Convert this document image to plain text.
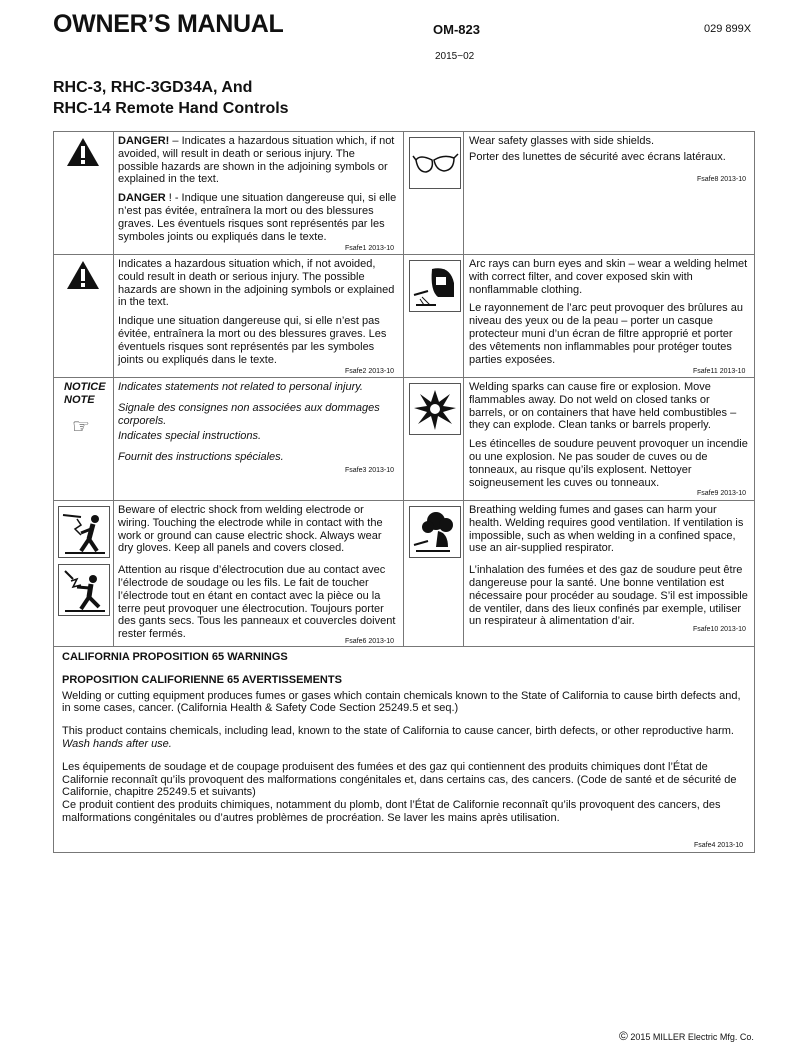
OWNER’S MANUAL	OM-823	029 899X
2015−02
RHC-3, RHC-3GD34A, And
RHC-14 Remote Hand Controls

DANGER! – Indicates a hazardous situation which, if not avoided, will result in death or serious injury. The possible hazards are shown in the adjoining symbols or explained in the text.

DANGER ! - Indique une situation dangereuse qui, si elle n’est pas évitée, entraînera la mort ou des blessures graves. Les éventuels risques sont représentés par les symboles joints ou expliqués dans le texte.

Fsafe1 2013-10

Indicates a hazardous situation which, if not avoided, could result in death or serious injury. The possible hazards are shown in the adjoining symbols or explained in the text.

Indique une situation dangereuse qui, si elle n’est pas évitée, entraînera la mort ou des blessures graves. Les éventuels risques sont représentés par les symboles joints ou expliqués dans le texte.

Fsafe2 2013-10
NOTICE
NOTE
☞

Indicates statements not related to personal injury.

Signale des consignes non associées aux dommages corporels.

Indicates special instructions.

Fournit des instructions spéciales.

Fsafe3 2013-10

Beware of electric shock from welding electrode or wiring. Touching the electrode while in contact with the work or ground can cause electric shock. Always wear dry gloves. Keep all panels and covers closed.

Attention au risque d’électrocution due au contact avec l’électrode de soudage ou les fils. Le fait de toucher l’électrode tout en étant en contact avec la pièce ou la terre peut provoquer une électrocution. Toujours porter des gants secs. Tous les panneaux et couvercles doivent rester fermés.

Fsafe6 2013-10

Wear safety glasses with side shields.

Porter des lunettes de sécurité avec écrans latéraux.

Fsafe8 2013-10

Arc rays can burn eyes and skin – wear a welding helmet with correct filter, and cover exposed skin with nonflammable clothing.

Le rayonnement de l’arc peut provoquer des brûlures au niveau des yeux ou de la peau – porter un casque protecteur muni d’un écran de filtre approprié et porter des vêtements non inflammables pour protéger toutes parties exposées.

Fsafe11 2013-10

Welding sparks can cause fire or explosion. Move flammables away. Do not weld on closed tanks or barrels, or on containers that have held combustibles – they can explode. Clean tanks or barrels properly.

Les étincelles de soudure peuvent provoquer un incendie ou une explosion. Ne pas souder de cuves ou de tonneaux, au risque qu’ils explosent. Nettoyer soigneusement les cuves ou tonneaux.

Fsafe9 2013-10

Breathing welding fumes and gases can harm your health. Welding requires good ventilation. If ventilation is impossible, such as when welding in a confined space, use an air-supplied respirator.

L’inhalation des fumées et des gaz de soudure peut être dangereuse pour la santé. Une bonne ventilation est nécessaire pour procéder au soudage. S’il est impossible de ventiler, dans des lieux confinés par exemple, utiliser un respirateur à alimentation d’air.

Fsafe10 2013-10

CALIFORNIA PROPOSITION 65 WARNINGS

PROPOSITION CALIFORIENNE 65 AVERTISSEMENTS

Welding or cutting equipment produces fumes or gases which contain chemicals known to the State of California to cause birth defects and, in some cases, cancer. (California Health & Safety Code Section 25249.5 et seq.)

This product contains chemicals, including lead, known to the state of California to cause cancer, birth defects, or other reproductive harm.
Wash hands after use.

Les équipements de soudage et de coupage produisent des fumées et des gaz qui contiennent des produits chimiques dont l’État de Californie reconnaît qu’ils provoquent des malformations congénitales et, dans certains cas, des cancers. (Code de santé et de sécurité de Californie, chapitre 25249.5 et suivants)

Ce produit contient des produits chimiques, notamment du plomb, dont l’État de Californie reconnaît qu’ils provoquent des cancers, des malformations congénitales ou d’autres problèmes de procréation. Se laver les mains après utilisation.

Fsafe4 2013-10
© 2015 MILLER Electric Mfg. Co.
